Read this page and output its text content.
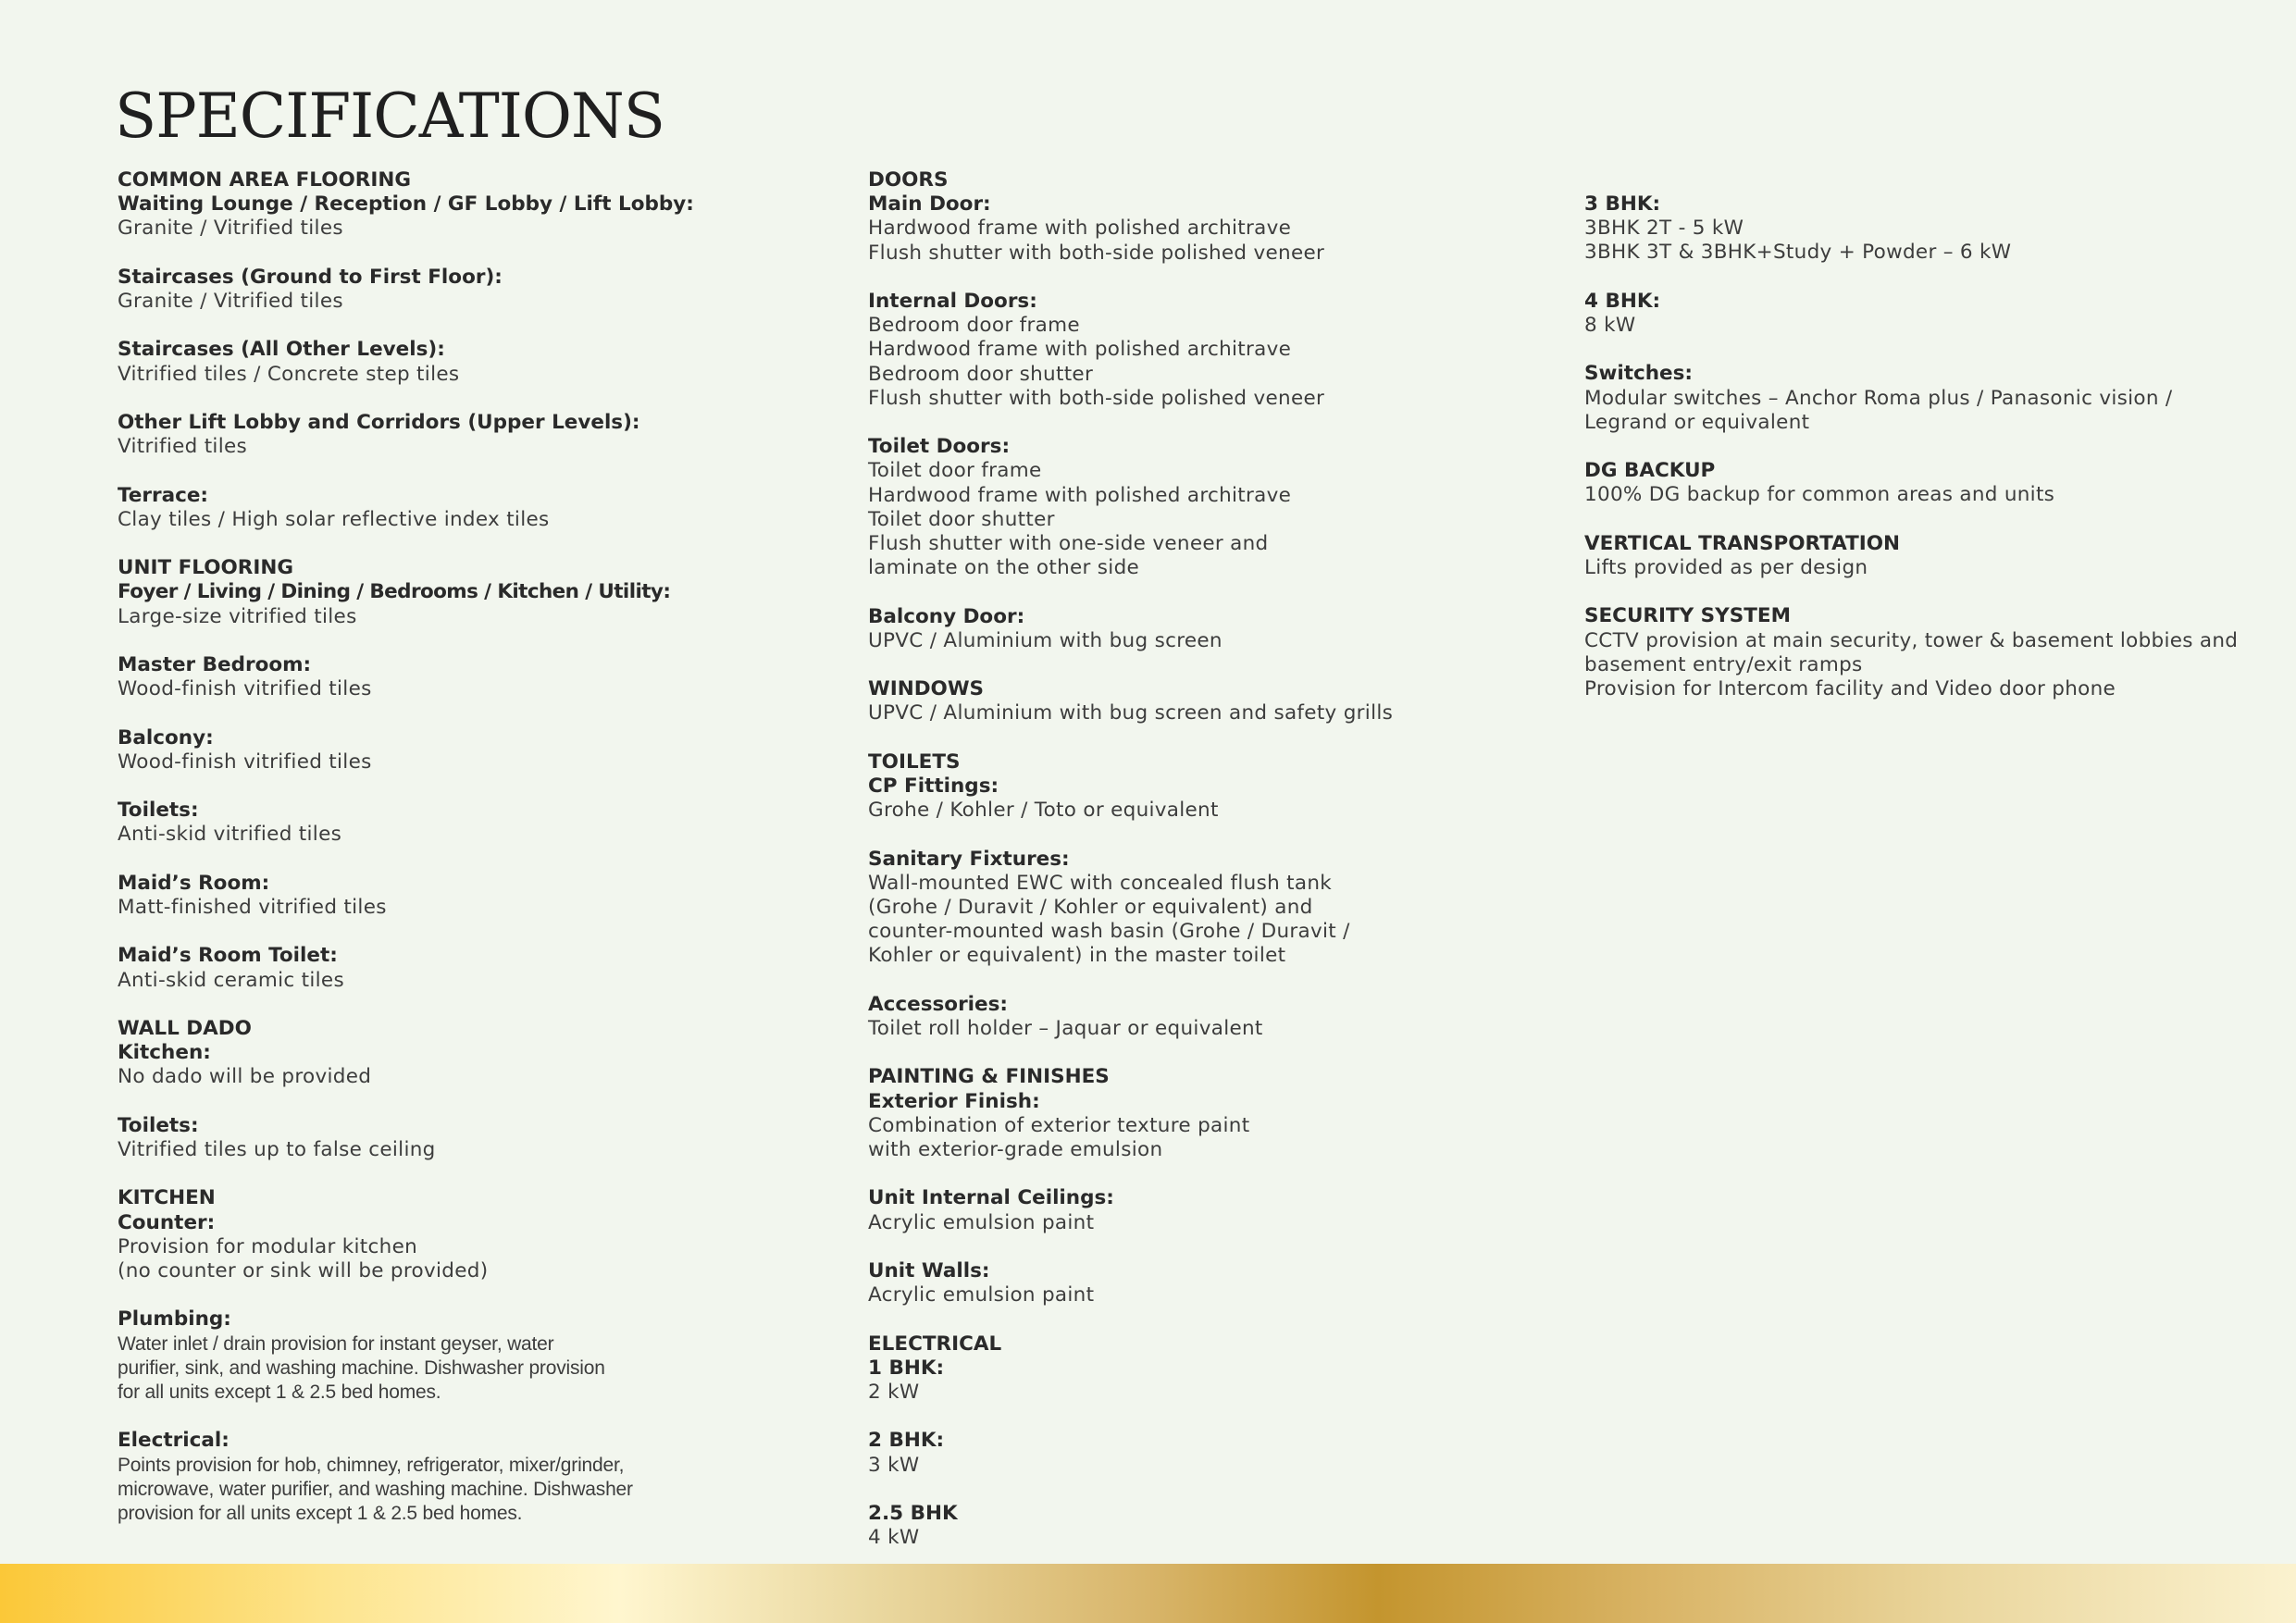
SPECIFICATIONS
COMMON AREA FLOORING
Waiting Lounge / Reception / GF Lobby / Lift Lobby:
Granite / Vitrified tiles
Staircases (Ground to First Floor):
Granite / Vitrified tiles
Staircases (All Other Levels):
Vitrified tiles / Concrete step tiles
Other Lift Lobby and Corridors (Upper Levels):
Vitrified tiles
Terrace:
Clay tiles / High solar reflective index tiles
UNIT FLOORING
Foyer / Living / Dining / Bedrooms / Kitchen / Utility:
Large-size vitrified tiles
Master Bedroom:
Wood-finish vitrified tiles
Balcony:
Wood-finish vitrified tiles
Toilets:
Anti-skid vitrified tiles
Maid’s Room:
Matt-finished vitrified tiles
Maid’s Room Toilet:
Anti-skid ceramic tiles
WALL DADO
Kitchen:
No dado will be provided
Toilets:
Vitrified tiles up to false ceiling
KITCHEN
Counter:
Provision for modular kitchen
(no counter or sink will be provided)
Plumbing:
Water inlet / drain provision for instant geyser, water
purifier, sink, and washing machine. Dishwasher provision
for all units except 1 & 2.5 bed homes.
Electrical:
Points provision for hob, chimney, refrigerator, mixer/grinder,
microwave, water purifier, and washing machine. Dishwasher
provision for all units except 1 & 2.5 bed homes.
DOORS
Main Door:
Hardwood frame with polished architrave
Flush shutter with both-side polished veneer
Internal Doors:
Bedroom door frame
Hardwood frame with polished architrave
Bedroom door shutter
Flush shutter with both-side polished veneer
Toilet Doors:
Toilet door frame
Hardwood frame with polished architrave
Toilet door shutter
Flush shutter with one-side veneer and
laminate on the other side
Balcony Door:
UPVC / Aluminium with bug screen
WINDOWS
UPVC / Aluminium with bug screen and safety grills
TOILETS
CP Fittings:
Grohe / Kohler / Toto or equivalent
Sanitary Fixtures:
Wall-mounted EWC with concealed flush tank
(Grohe / Duravit / Kohler or equivalent) and
counter-mounted wash basin (Grohe / Duravit /
Kohler or equivalent) in the master toilet
Accessories:
Toilet roll holder – Jaquar or equivalent
PAINTING & FINISHES
Exterior Finish:
Combination of exterior texture paint
with exterior-grade emulsion
Unit Internal Ceilings:
Acrylic emulsion paint
Unit Walls:
Acrylic emulsion paint
ELECTRICAL
1 BHK:
2 kW
2 BHK:
3 kW
2.5 BHK
4 kW
3 BHK:
3BHK 2T - 5 kW
3BHK 3T & 3BHK+Study + Powder – 6 kW
4 BHK:
8 kW
Switches:
Modular switches – Anchor Roma plus / Panasonic vision /
Legrand or equivalent
DG BACKUP
100% DG backup for common areas and units
VERTICAL TRANSPORTATION
Lifts provided as per design
SECURITY SYSTEM
CCTV provision at main security, tower & basement lobbies and
basement entry/exit ramps
Provision for Intercom facility and Video door phone
